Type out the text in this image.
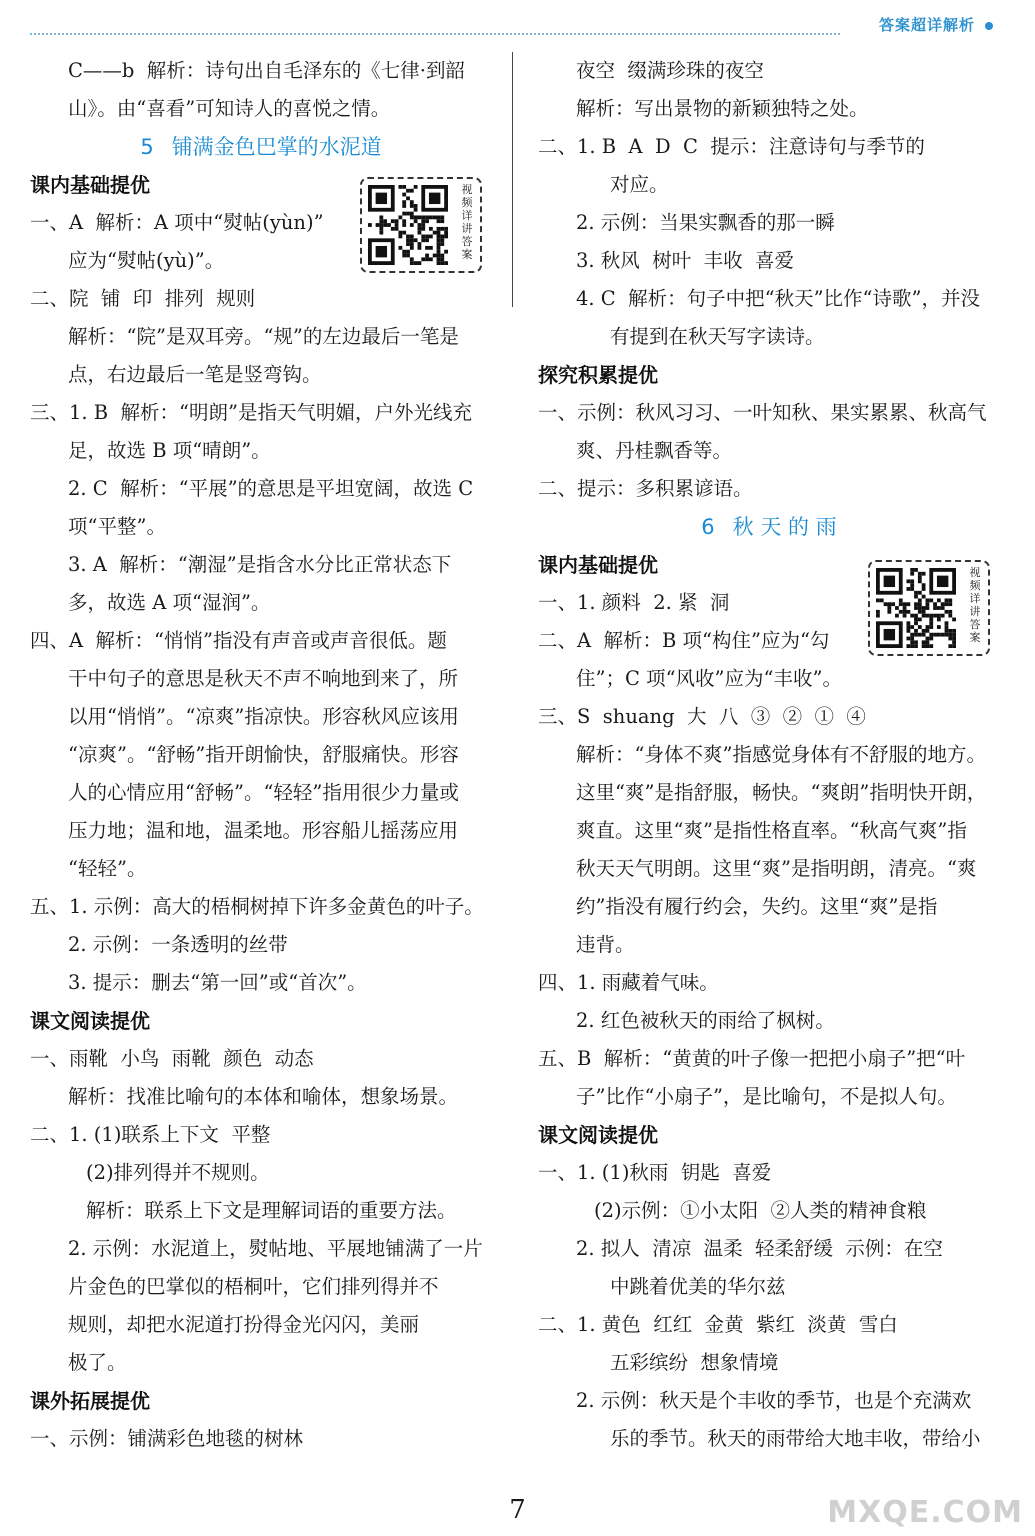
答案超详解析
C——b  解析：诗句出自毛泽东的《七律·到韶
山》。由“喜看”可知诗人的喜悦之情。
5 铺满金色巴掌的水泥道
课内基础提优
一、A  解析：A 项中“熨帖(yùn)”
应为“熨帖(yù)”。
二、院  铺  印  排列  规则
解析：“院”是双耳旁。“规”的左边最后一笔是
点，右边最后一笔是竖弯钩。
三、1. B  解析：“明朗”是指天气明媚，户外光线充
足，故选 B 项“晴朗”。
2. C  解析：“平展”的意思是平坦宽阔，故选 C
项“平整”。
3. A  解析：“潮湿”是指含水分比正常状态下
多，故选 A 项“湿润”。
四、A  解析：“悄悄”指没有声音或声音很低。题
干中句子的意思是秋天不声不响地到来了，所
以用“悄悄”。“凉爽”指凉快。形容秋风应该用
“凉爽”。“舒畅”指开朗愉快，舒服痛快。形容
人的心情应用“舒畅”。“轻轻”指用很少力量或
压力地；温和地，温柔地。形容船儿摇荡应用
“轻轻”。
五、1. 示例：高大的梧桐树掉下许多金黄色的叶子。
2. 示例：一条透明的丝带
3. 提示：删去“第一回”或“首次”。
课文阅读提优
一、雨靴  小鸟  雨靴  颜色  动态
解析：找准比喻句的本体和喻体，想象场景。
二、1. (1)联系上下文  平整
(2)排列得并不规则。
解析：联系上下文是理解词语的重要方法。
2. 示例：水泥道上，熨帖地、平展地铺满了一片
片金色的巴掌似的梧桐叶，它们排列得并不
规则，却把水泥道打扮得金光闪闪，美丽
极了。
课外拓展提优
一、示例：铺满彩色地毯的树林
夜空  缀满珍珠的夜空
解析：写出景物的新颖独特之处。
二、1. B  A  D  C  提示：注意诗句与季节的
对应。
2. 示例：当果实飘香的那一瞬
3. 秋风  树叶  丰收  喜爱
4. C  解析：句子中把“秋天”比作“诗歌”，并没
有提到在秋天写字读诗。
探究积累提优
一、示例：秋风习习、一叶知秋、果实累累、秋高气
爽、丹桂飘香等。
二、提示：多积累谚语。
6 秋 天 的 雨
课内基础提优
一、1. 颜料  2. 紧  洞
二、A  解析：B 项“构住”应为“勾
住”；C 项“风收”应为“丰收”。
三、S  shuang  大  八  ③  ②  ①  ④
解析：“身体不爽”指感觉身体有不舒服的地方。
这里“爽”是指舒服，畅快。“爽朗”指明快开朗，
爽直。这里“爽”是指性格直率。“秋高气爽”指
秋天天气明朗。这里“爽”是指明朗，清亮。“爽
约”指没有履行约会，失约。这里“爽”是指
违背。
四、1. 雨藏着气味。
2. 红色被秋天的雨给了枫树。
五、B  解析：“黄黄的叶子像一把把小扇子”把“叶
子”比作“小扇子”，是比喻句，不是拟人句。
课文阅读提优
一、1. (1)秋雨  钥匙  喜爱
(2)示例：①小太阳  ②人类的精神食粮
2. 拟人  清凉  温柔  轻柔舒缓  示例：在空
中跳着优美的华尔兹
二、1. 黄色  红红  金黄  紫红  淡黄  雪白
五彩缤纷  想象情境
2. 示例：秋天是个丰收的季节，也是个充满欢
乐的季节。秋天的雨带给大地丰收，带给小
视频详讲答案
视频详讲答案
7	MXQE.COM
